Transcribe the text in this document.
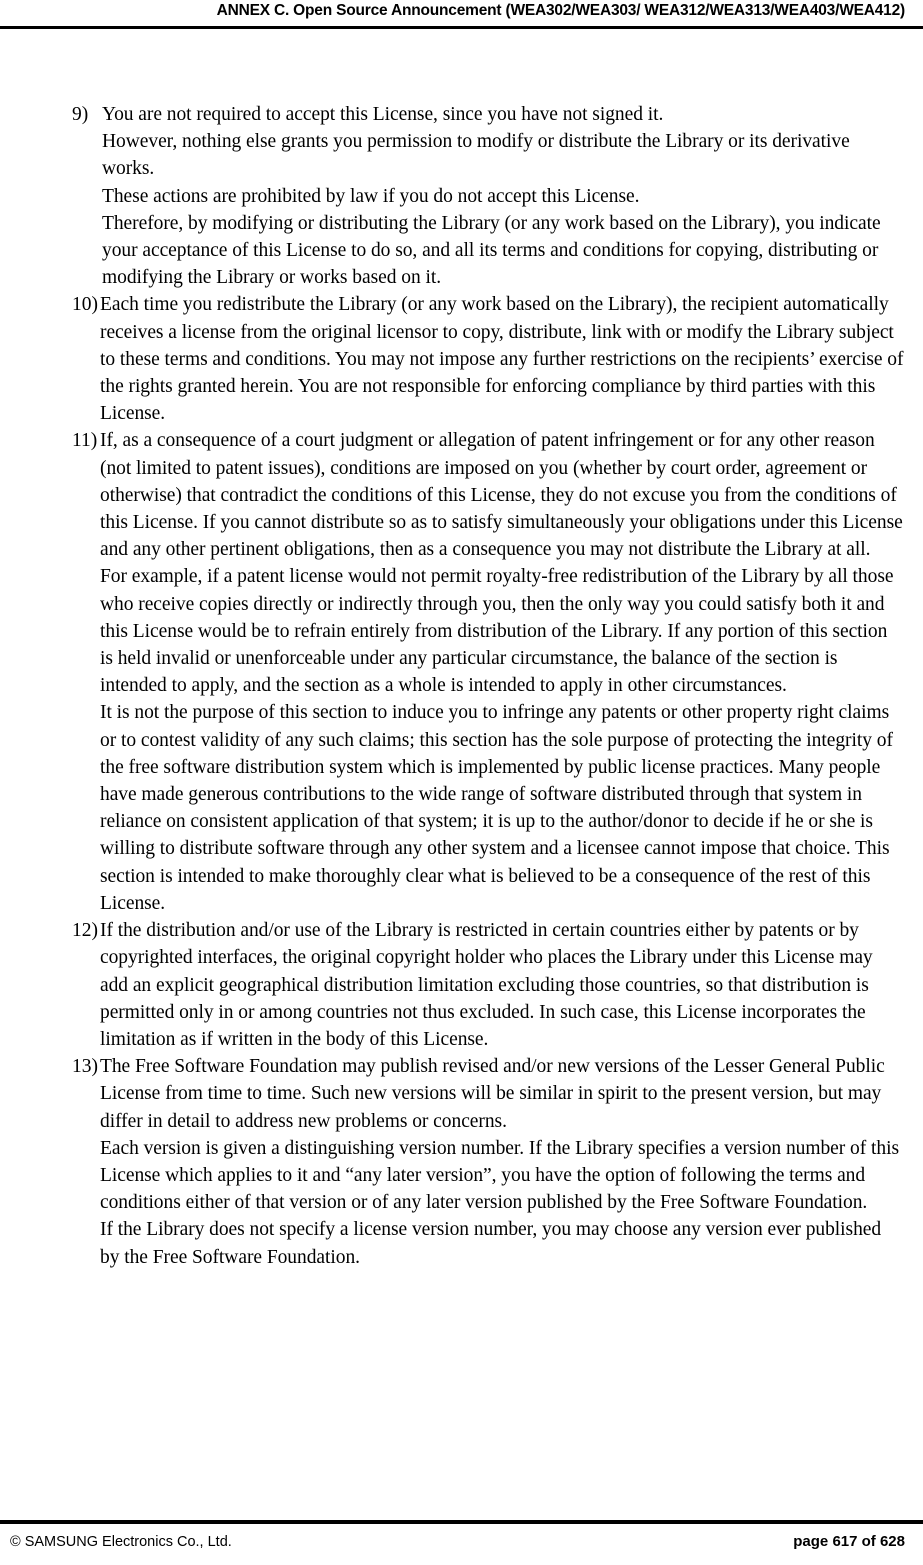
ANNEX C. Open Source Announcement (WEA302/WEA303/ WEA312/WEA313/WEA403/WEA412)
9) You are not required to accept this License, since you have not signed it.

However, nothing else grants you permission to modify or distribute the Library or its derivative works.

These actions are prohibited by law if you do not accept this License.

Therefore, by modifying or distributing the Library (or any work based on the Library), you indicate your acceptance of this License to do so, and all its terms and conditions for copying, distributing or modifying the Library or works based on it.

10) Each time you redistribute the Library (or any work based on the Library), the recipient automatically receives a license from the original licensor to copy, distribute, link with or modify the Library subject to these terms and conditions. You may not impose any further restrictions on the recipients’ exercise of the rights granted herein. You are not responsible for enforcing compliance by third parties with this License.

11) If, as a consequence of a court judgment or allegation of patent infringement or for any other reason (not limited to patent issues), conditions are imposed on you (whether by court order, agreement or otherwise) that contradict the conditions of this License, they do not excuse you from the conditions of this License. If you cannot distribute so as to satisfy simultaneously your obligations under this License and any other pertinent obligations, then as a consequence you may not distribute the Library at all.

For example, if a patent license would not permit royalty-free redistribution of the Library by all those who receive copies directly or indirectly through you, then the only way you could satisfy both it and this License would be to refrain entirely from distribution of the Library. If any portion of this section is held invalid or unenforceable under any particular circumstance, the balance of the section is intended to apply, and the section as a whole is intended to apply in other circumstances.

It is not the purpose of this section to induce you to infringe any patents or other property right claims or to contest validity of any such claims; this section has the sole purpose of protecting the integrity of the free software distribution system which is implemented by public license practices. Many people have made generous contributions to the wide range of software distributed through that system in reliance on consistent application of that system; it is up to the author/donor to decide if he or she is willing to distribute software through any other system and a licensee cannot impose that choice. This section is intended to make thoroughly clear what is believed to be a consequence of the rest of this License.

12) If the distribution and/or use of the Library is restricted in certain countries either by patents or by copyrighted interfaces, the original copyright holder who places the Library under this License may add an explicit geographical distribution limitation excluding those countries, so that distribution is permitted only in or among countries not thus excluded. In such case, this License incorporates the limitation as if written in the body of this License.

13) The Free Software Foundation may publish revised and/or new versions of the Lesser General Public License from time to time. Such new versions will be similar in spirit to the present version, but may differ in detail to address new problems or concerns.

Each version is given a distinguishing version number. If the Library specifies a version number of this License which applies to it and “any later version”, you have the option of following the terms and conditions either of that version or of any later version published by the Free Software Foundation.

If the Library does not specify a license version number, you may choose any version ever published by the Free Software Foundation.

© SAMSUNG Electronics Co., Ltd.	page 617 of 628
